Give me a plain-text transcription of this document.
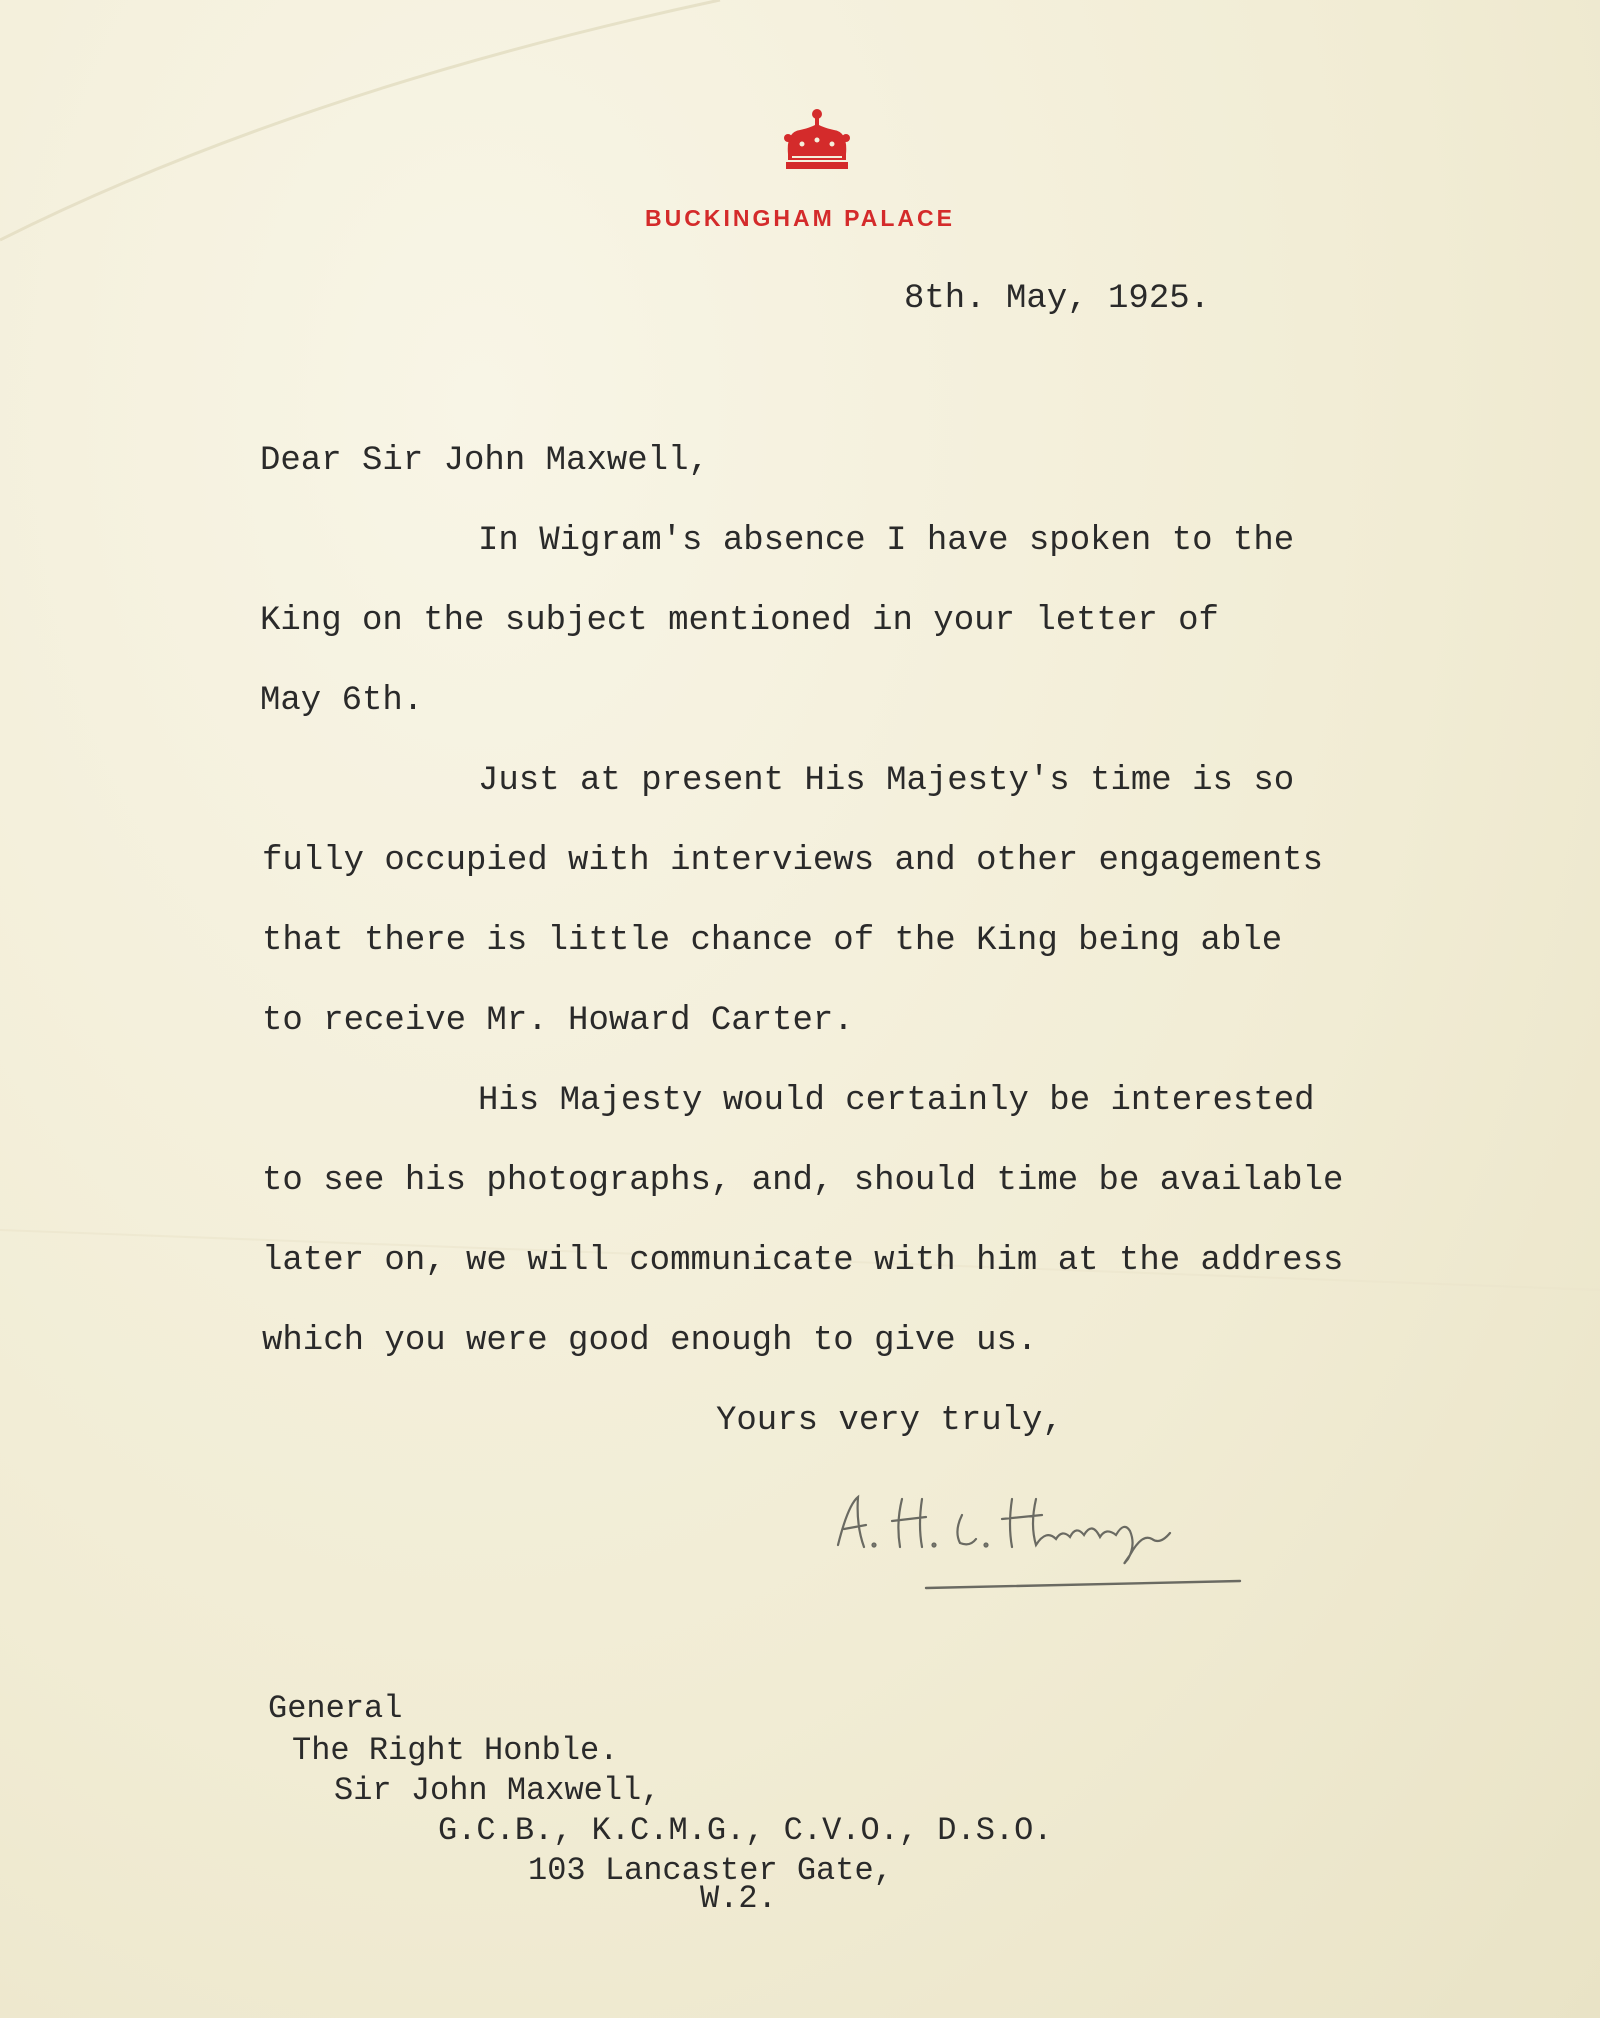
BUCKINGHAM PALACE
8th. May, 1925.
Dear Sir John Maxwell,
In Wigram's absence I have spoken to the
King on the subject mentioned in your letter of
May 6th.
Just at present His Majesty's time is so
fully occupied with interviews and other engagements
that there is little chance of the King being able
to receive Mr. Howard Carter.
His Majesty would certainly be interested
to see his photographs, and, should time be available
later on, we will communicate with him at the address
which you were good enough to give us.
Yours very truly,
General
The Right Honble.
Sir John Maxwell,
G.C.B., K.C.M.G., C.V.O., D.S.O.
103 Lancaster Gate,
W.2.
